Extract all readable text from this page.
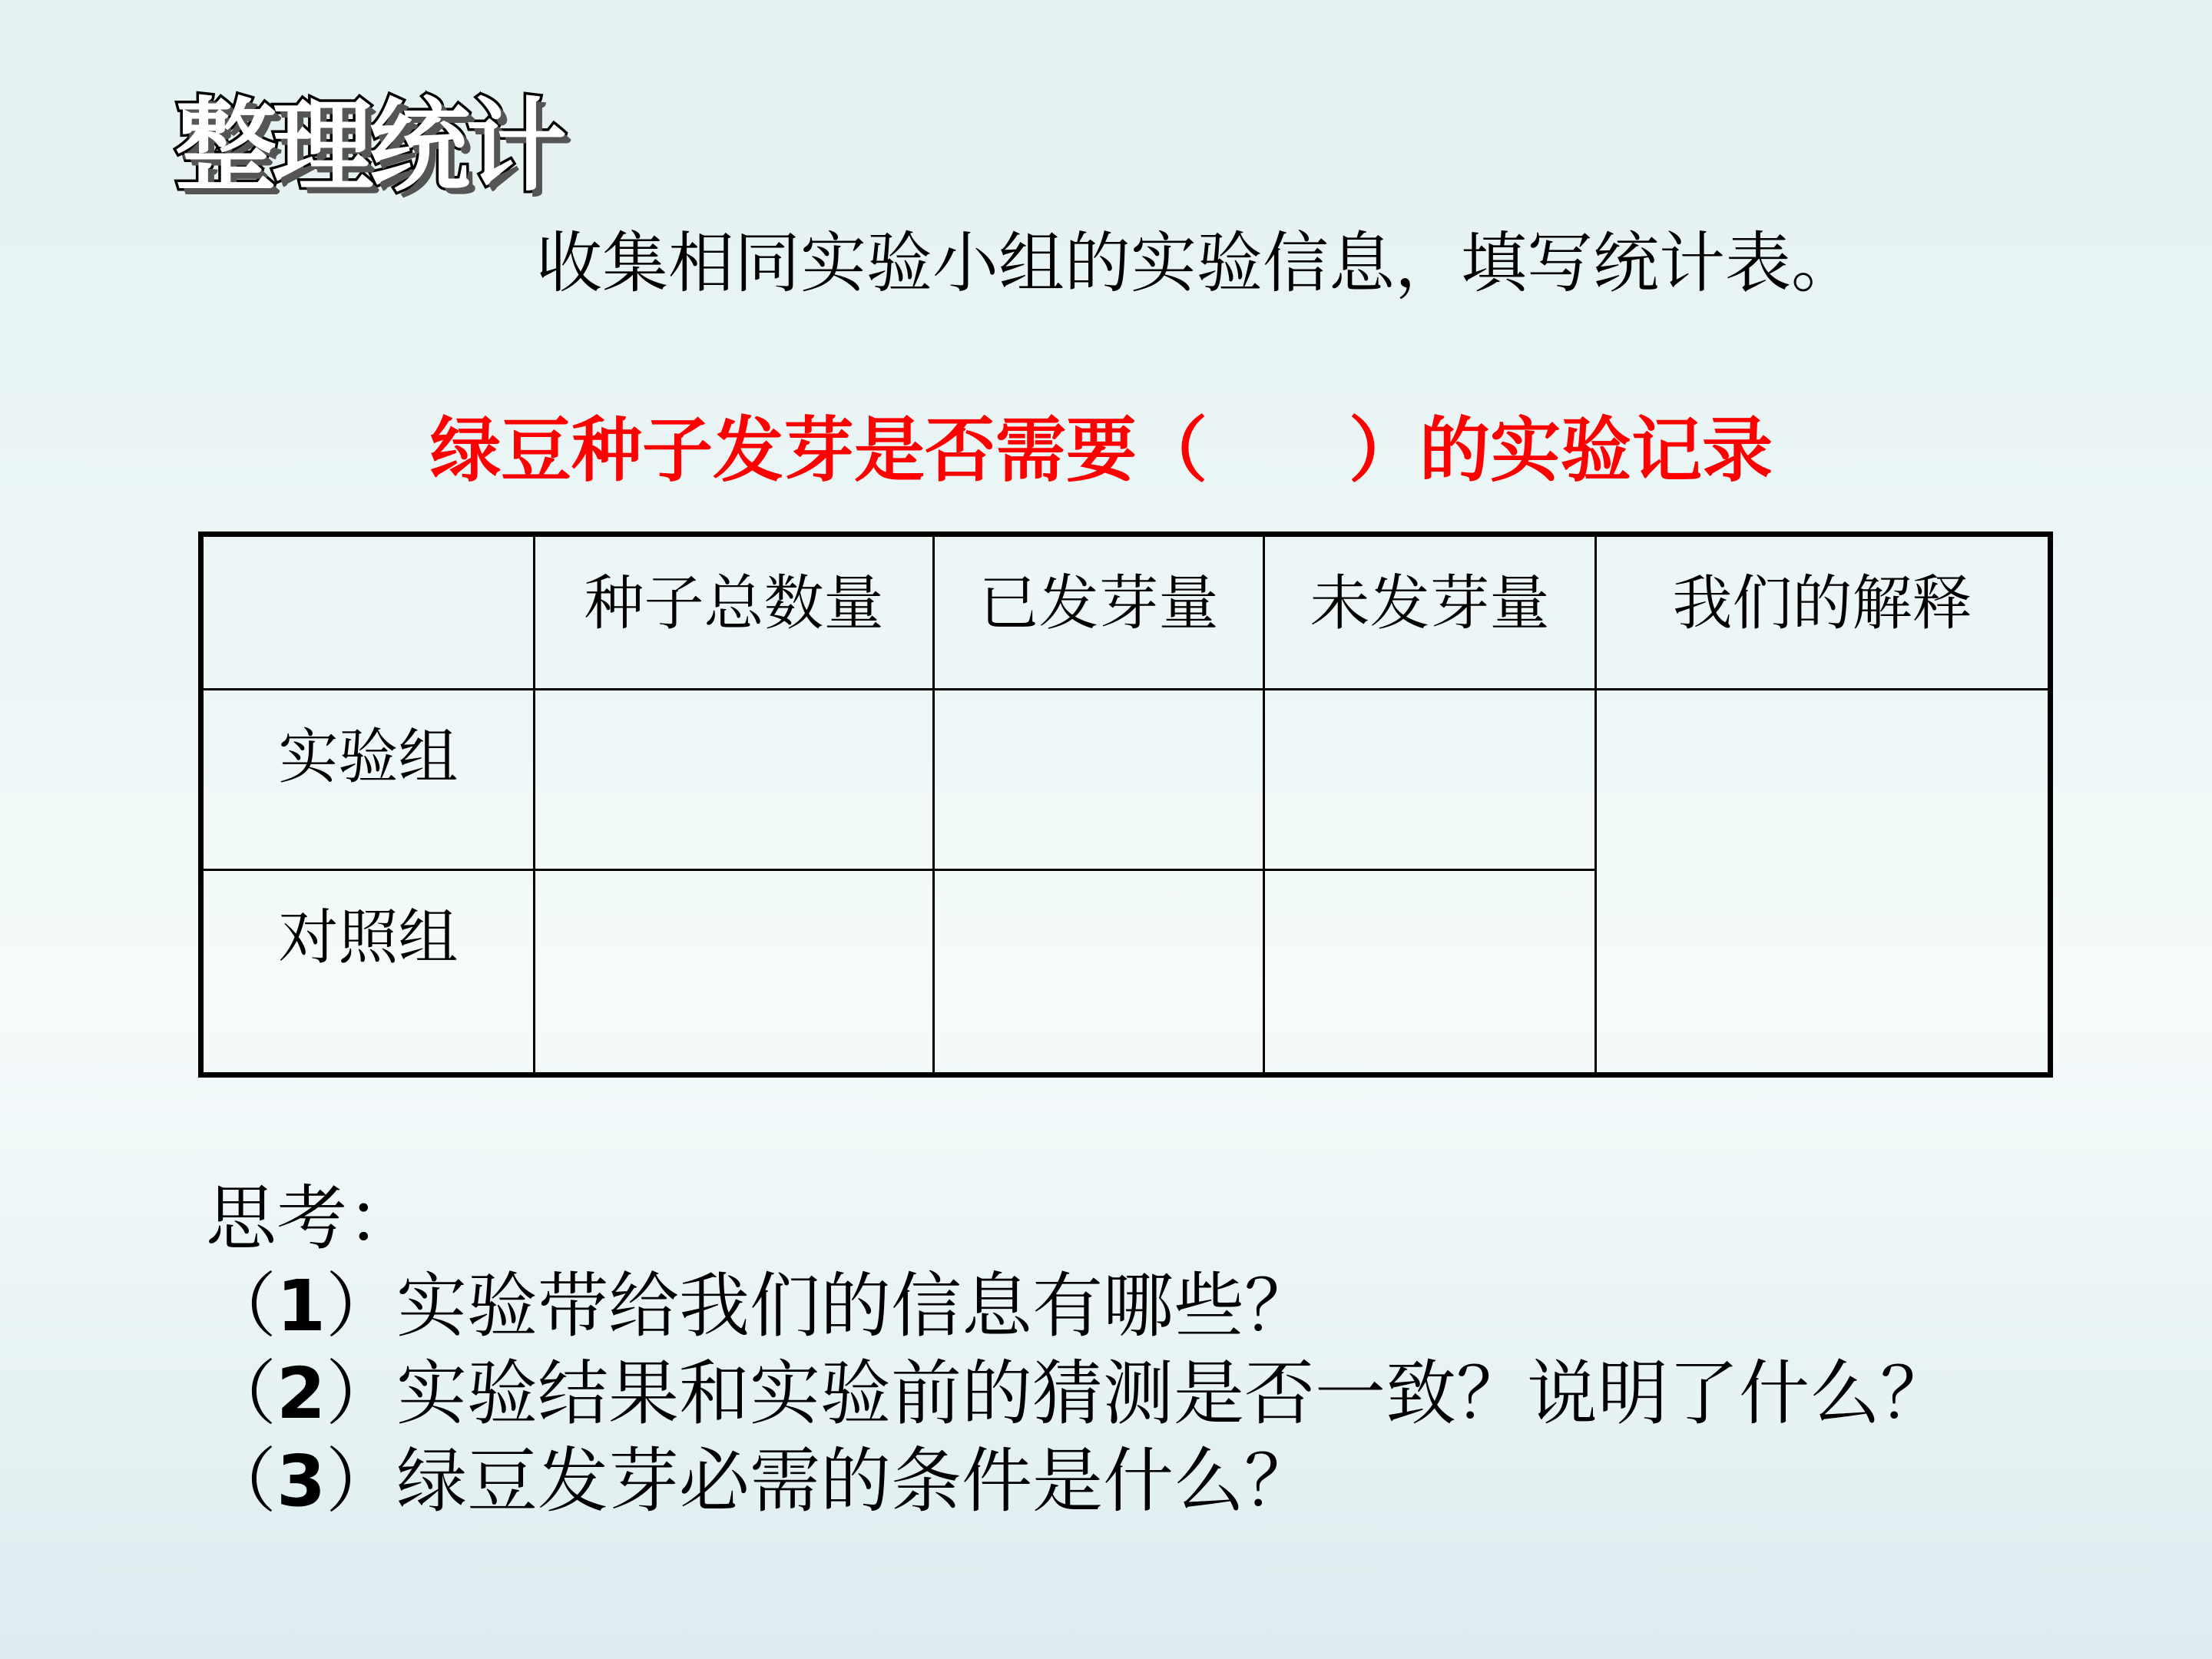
整理统计

收集相同实验小组的实验信息，填写统计表。

绿豆种子发芽是否需要（　　）的实验记录

	种子总数量	已发芽量	未发芽量	我们的解释
实验组				
对照组				

思考：

（1）实验带给我们的信息有哪些？

（2）实验结果和实验前的猜测是否一致？说明了什么？

（3）绿豆发芽必需的条件是什么？
